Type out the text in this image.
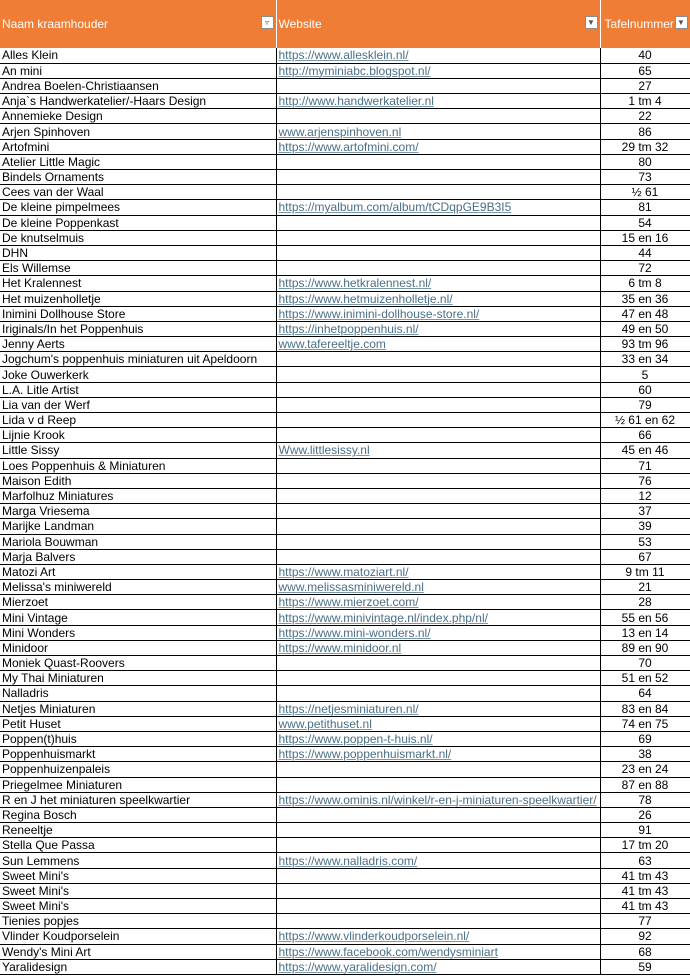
Naam kraamhouder ▿	Website ▼	Tafelnummer ▼

Alles Klein	https://www.allesklein.nl/	40
An mini	http://myminiabc.blogspot.nl/	65
Andrea Boelen-Christiaansen		27
Anja`s Handwerkatelier/-Haars Design	http://www.handwerkatelier.nl	1 tm 4
Annemieke Design		22
Arjen Spinhoven	www.arjenspinhoven.nl	86
Artofmini	https://www.artofmini.com/	29 tm 32
Atelier Little Magic		80
Bindels Ornaments		73
Cees van der Waal		½ 61
De kleine pimpelmees	https://myalbum.com/album/tCDqpGE9B3I5	81
De kleine Poppenkast		54
De knutselmuis		15 en 16
DHN		44
Els Willemse		72
Het Kralennest	https://www.hetkralennest.nl/	6 tm 8
Het muizenholletje	https://www.hetmuizenholletje.nl/	35 en 36
Inimini Dollhouse Store	https://www.inimini-dollhouse-store.nl/	47 en 48
Iriginals/In het Poppenhuis	https://inhetpoppenhuis.nl/	49 en 50
Jenny Aerts	www.tafereeltje.com	93 tm 96
Jogchum's poppenhuis miniaturen uit Apeldoorn		33 en 34
Joke Ouwerkerk		5
L.A. Litle Artist		60
Lia van der Werf		79
Lida v d Reep		½ 61 en 62
Lijnie Krook		66
Little Sissy	Www.littlesissy.nl	45 en 46
Loes Poppenhuis & Miniaturen		71
Maison Edith		76
Marfolhuz Miniatures		12
Marga Vriesema		37
Marijke Landman		39
Mariola Bouwman		53
Marja Balvers		67
Matozi Art	https://www.matoziart.nl/	9 tm 11
Melissa's miniwereld	www.melissasminiwereld.nl	21
Mierzoet	https://www.mierzoet.com/	28
Mini Vintage	https://www.minivintage.nl/index.php/nl/	55 en 56
Mini Wonders	https://www.mini-wonders.nl/	13 en 14
Minidoor	https://www.minidoor.nl	89 en 90
Moniek Quast-Roovers		70
My Thai Miniaturen		51 en 52
Nalladris		64
Netjes Miniaturen	https://netjesminiaturen.nl/	83 en 84
Petit Huset	www.petithuset.nl	74 en 75
Poppen(t)huis	https://www.poppen-t-huis.nl/	69
Poppenhuismarkt	https://www.poppenhuismarkt.nl/	38
Poppenhuizenpaleis		23 en 24
Priegelmee Miniaturen		87 en 88
R en J het miniaturen speelkwartier	https://www.ominis.nl/winkel/r-en-j-miniaturen-speelkwartier/	78
Regina Bosch		26
Reneeltje		91
Stella Que Passa		17 tm 20
Sun Lemmens	https://www.nalladris.com/	63
Sweet Mini's		41 tm 43
Sweet Mini's		41 tm 43
Sweet Mini's		41 tm 43
Tienies popjes		77
Vlinder Koudporselein	https://www.vlinderkoudporselein.nl/	92
Wendy's Mini Art	https://www.facebook.com/wendysminiart	68
Yaralidesign	https://www.yaralidesign.com/	59
